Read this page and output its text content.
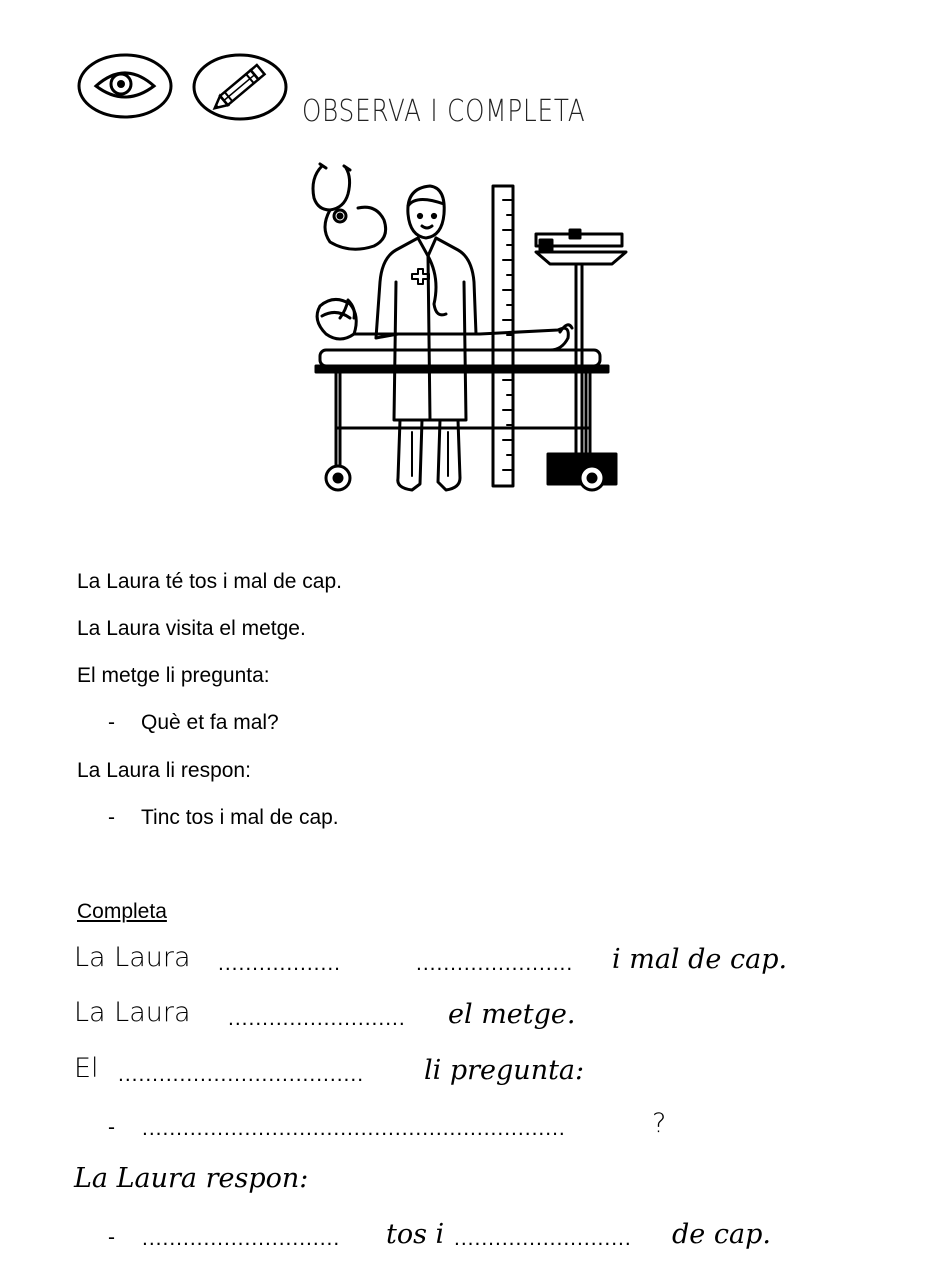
OBSERVA I COMPLETA
La Laura té tos i mal de cap.
La Laura visita el metge.
El metge li pregunta:
- Què et fa mal?
La Laura li respon:
- Tinc tos i mal de cap.
Completa
La Laura ..................	....................... i mal de cap.
La Laura .......................... el metge.
El .................................... li pregunta:
- ..............................................................	?
La Laura respon:
- ............................. tos i .......................... de cap.
